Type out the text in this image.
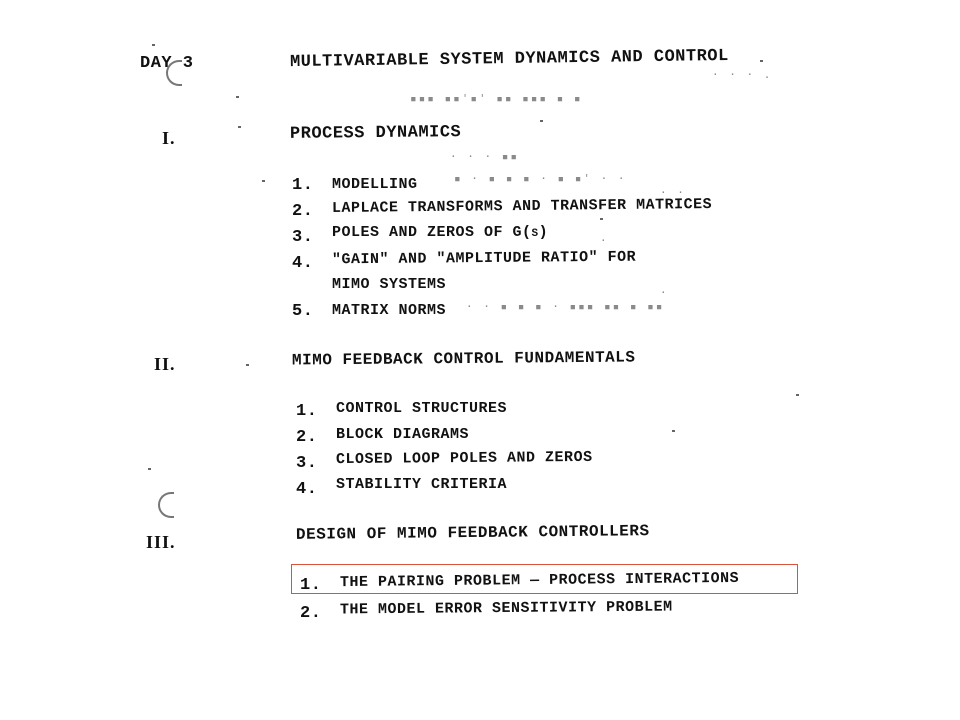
· · · .
▪▪▪ ▪▪'▪' ▪▪ ▪▪▪ ▪ ▪
· · · ▪▪
▪ · ▪ ▪ ▪ · ▪ ▪' · ·
· · ▪ ▪ ▪ · ▪▪▪ ▪▪ ▪ ▪▪
· ·
·
·
DAY 3	MULTIVARIABLE SYSTEM DYNAMICS AND CONTROL
I.	PROCESS DYNAMICS
1. MODELLING
2. LAPLACE TRANSFORMS AND TRANSFER MATRICES
3. POLES AND ZEROS OF G(s)
4. "GAIN" AND "AMPLITUDE RATIO" FOR
MIMO SYSTEMS
5. MATRIX NORMS
II.	MIMO FEEDBACK CONTROL FUNDAMENTALS
1. CONTROL STRUCTURES
2. BLOCK DIAGRAMS
3. CLOSED LOOP POLES AND ZEROS
4. STABILITY CRITERIA
III.	DESIGN OF MIMO FEEDBACK CONTROLLERS
1. THE PAIRING PROBLEM — PROCESS INTERACTIONS
2. THE MODEL ERROR SENSITIVITY PROBLEM
